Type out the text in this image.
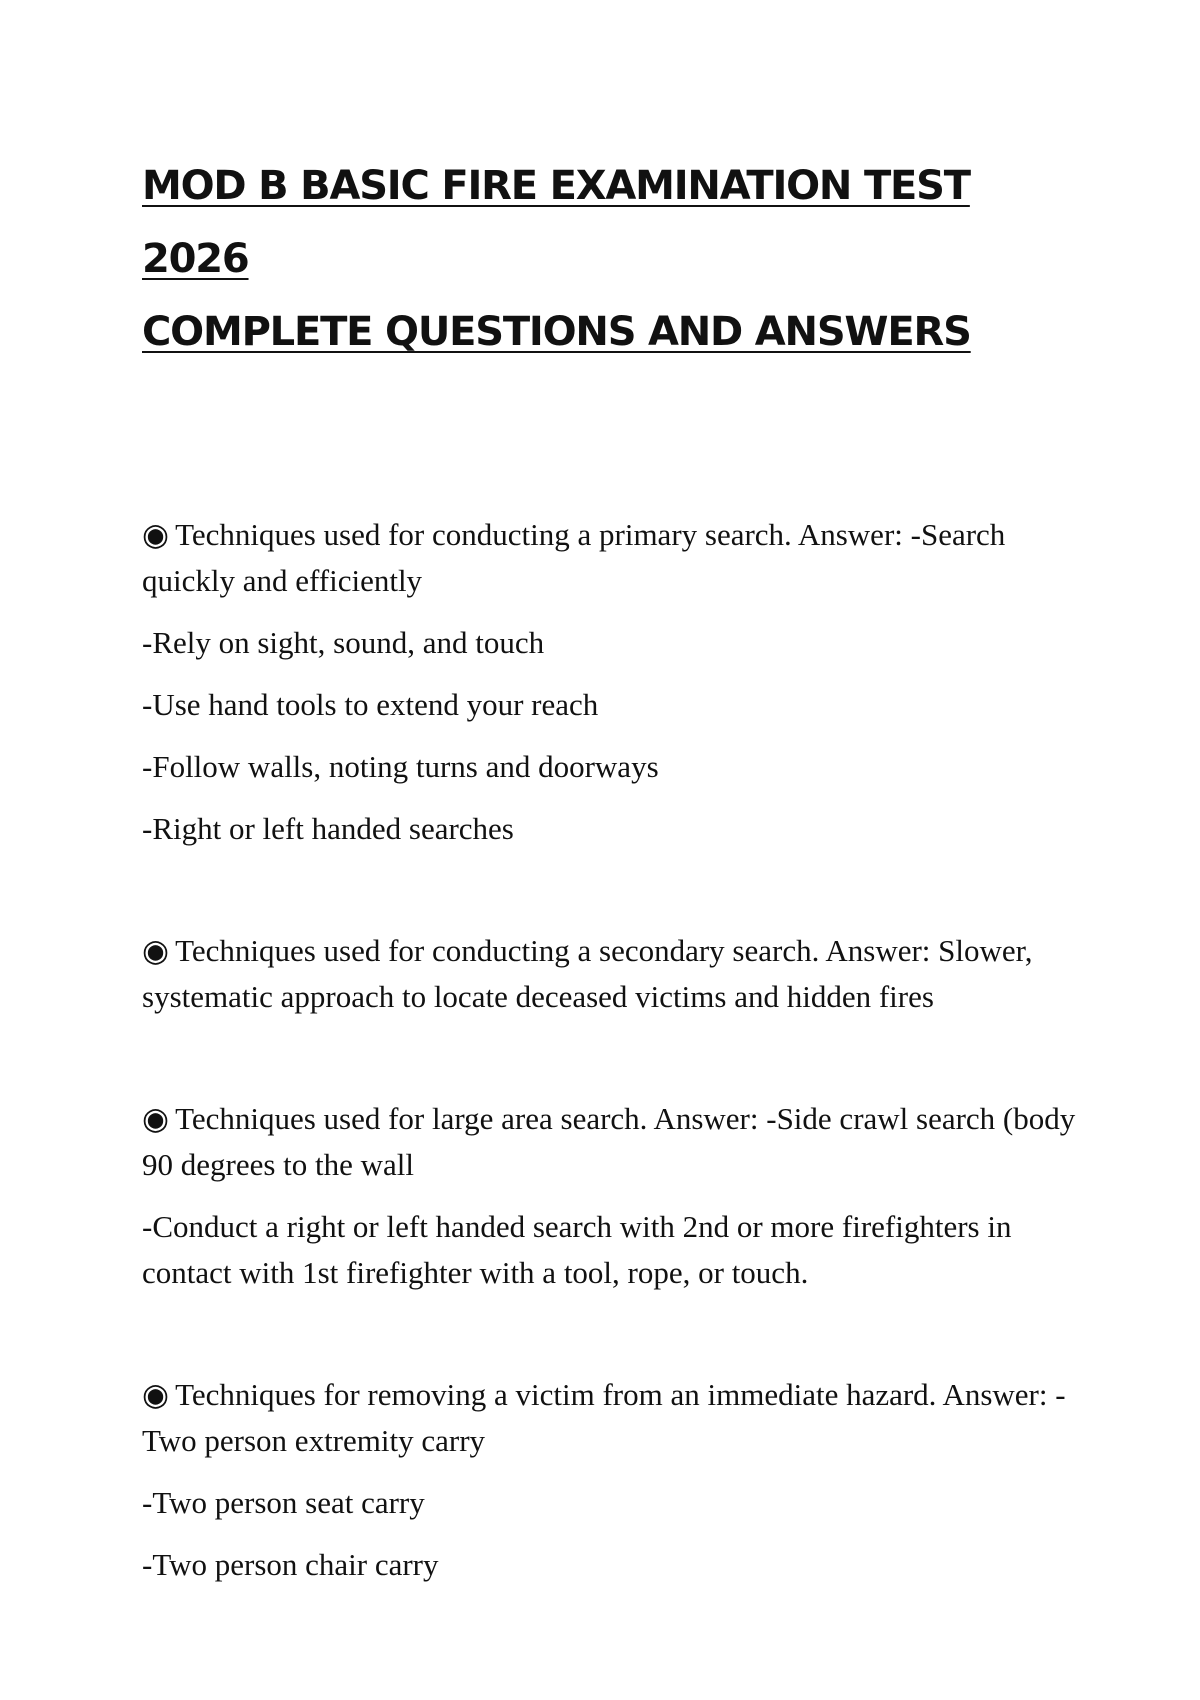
MOD B BASIC FIRE EXAMINATION TEST 2026
COMPLETE QUESTIONS AND ANSWERS

◉ Techniques used for conducting a primary search. Answer: -Search quickly and efficiently

-Rely on sight, sound, and touch

-Use hand tools to extend your reach

-Follow walls, noting turns and doorways

-Right or left handed searches

◉ Techniques used for conducting a secondary search. Answer: Slower, systematic approach to locate deceased victims and hidden fires

◉ Techniques used for large area search. Answer: -Side crawl search (body 90 degrees to the wall

-Conduct a right or left handed search with 2nd or more firefighters in contact with 1st firefighter with a tool, rope, or touch.

◉ Techniques for removing a victim from an immediate hazard. Answer: -Two person extremity carry

-Two person seat carry

-Two person chair carry
